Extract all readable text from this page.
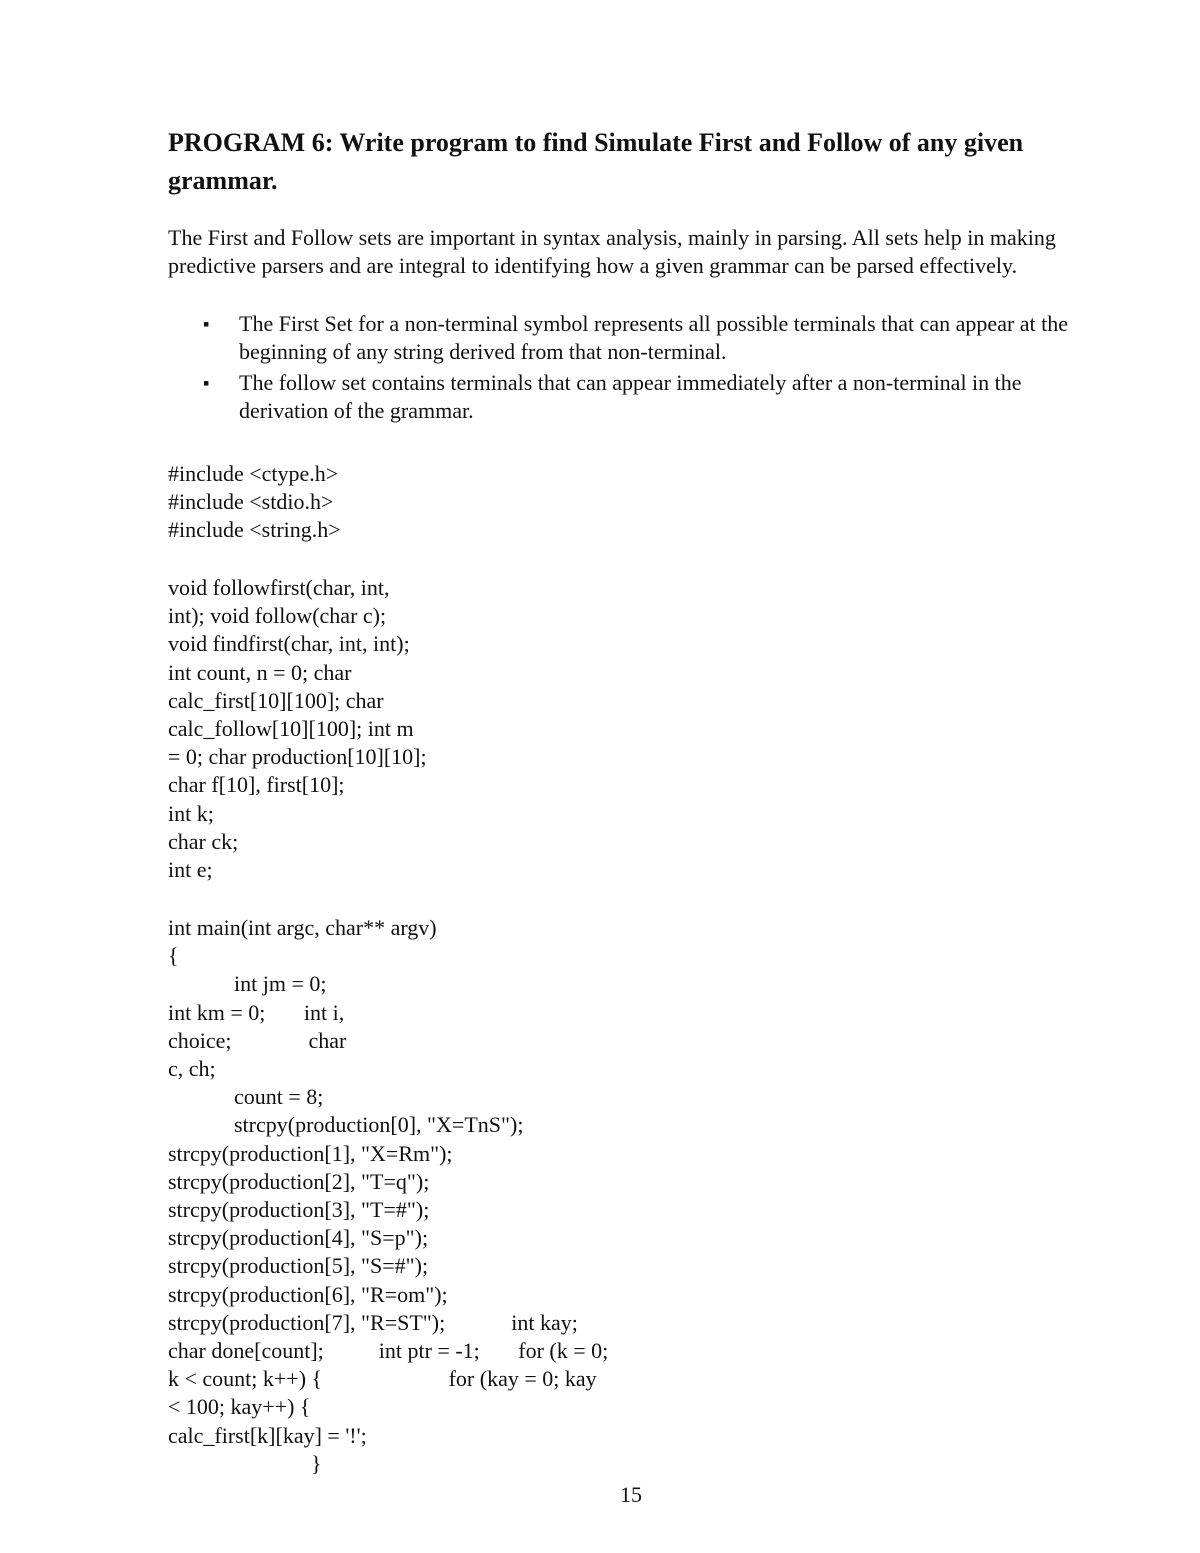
PROGRAM 6: Write program to find Simulate First and Follow of any given grammar.
The First and Follow sets are important in syntax analysis, mainly in parsing. All sets help in making predictive parsers and are integral to identifying how a given grammar can be parsed effectively.
▪ The First Set for a non-terminal symbol represents all possible terminals that can appear at the beginning of any string derived from that non-terminal.
▪ The follow set contains terminals that can appear immediately after a non-terminal in the derivation of the grammar.
#include <ctype.h>
#include <stdio.h>
#include <string.h>
void followfirst(char, int,
int); void follow(char c);
void findfirst(char, int, int);
int count, n = 0; char
calc_first[10][100]; char
calc_follow[10][100]; int m
= 0; char production[10][10];
char f[10], first[10];
int k;
char ck;
int e;
int main(int argc, char** argv)
{
int jm = 0;
int km = 0;       int i,
choice;              char
c, ch;
count = 8;
strcpy(production[0], "X=TnS");
strcpy(production[1], "X=Rm");
strcpy(production[2], "T=q");
strcpy(production[3], "T=#");
strcpy(production[4], "S=p");
strcpy(production[5], "S=#");
strcpy(production[6], "R=om");
strcpy(production[7], "R=ST");            int kay;
char done[count];          int ptr = -1;       for (k = 0;
k < count; k++) {                       for (kay = 0; kay
< 100; kay++) {
calc_first[k][kay] = '!';
}
15
